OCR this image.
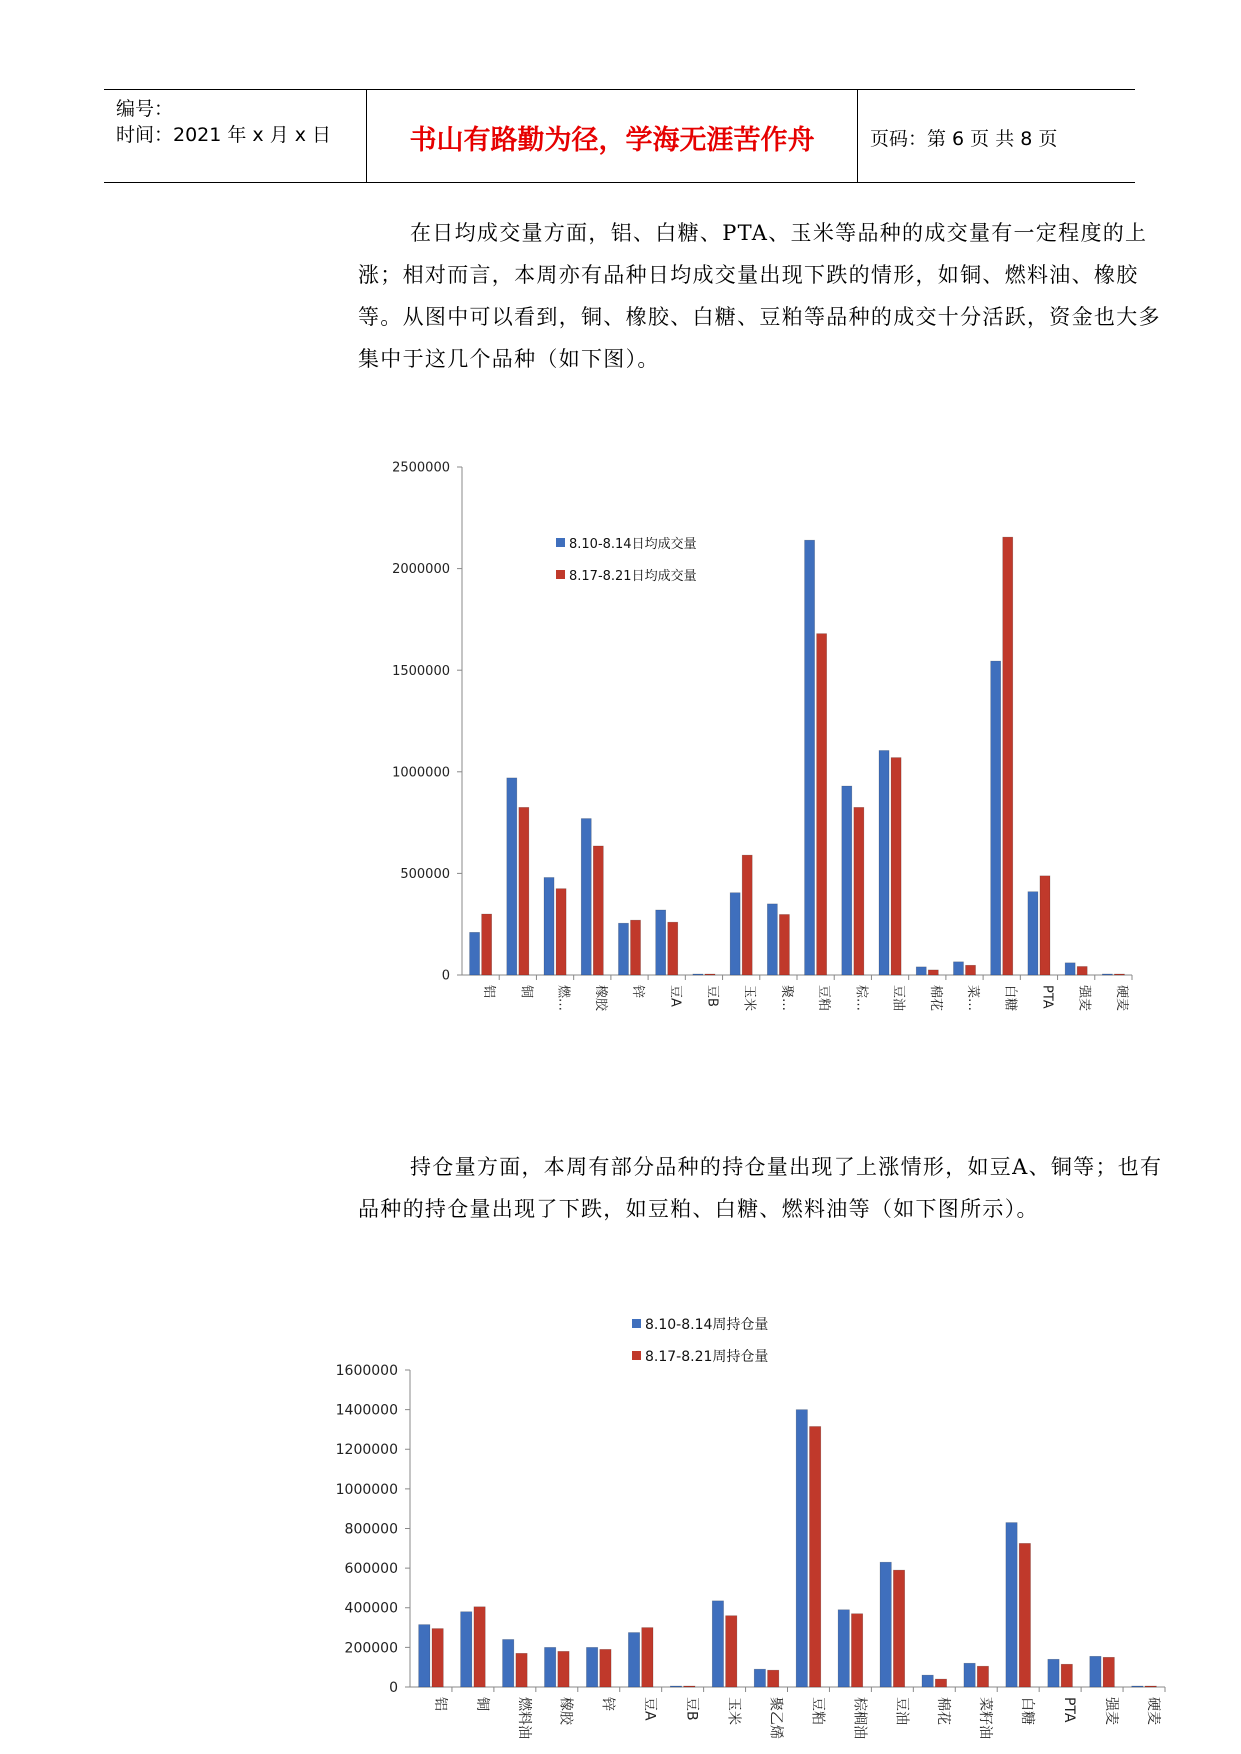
编号：
时间：2021 年 x 月 x 日	书山有路勤为径，学海无涯苦作舟	页码：第 6 页 共 8 页
在日均成交量方面，铝、白糖、PTA、玉米等品种的成交量有一定程度的上涨；相对而言，本周亦有品种日均成交量出现下跌的情形，如铜、燃料油、橡胶等。从图中可以看到，铜、橡胶、白糖、豆粕等品种的成交十分活跃，资金也大多集中于这几个品种（如下图）。
2500000
2000000
1500000
1000000
500000
0
铝 铜 燃… 橡胶 锌 豆A 豆B 玉米 聚… 豆粕 棕… 豆油 棉花 菜… 白糖 PTA 强麦 硬麦
8.10-8.14日均成交量
8.17-8.21日均成交量
持仓量方面，本周有部分品种的持仓量出现了上涨情形，如豆A、铜等；也有品种的持仓量出现了下跌，如豆粕、白糖、燃料油等（如下图所示）。
1600000
1400000
1200000
1000000
800000
600000
400000
200000
0
铝 铜 燃料油 橡胶 锌 豆A 豆B 玉米 聚乙烯 豆粕 棕榈油 豆油 棉花 菜籽油 白糖 PTA 强麦 硬麦
8.10-8.14周持仓量
8.17-8.21周持仓量
